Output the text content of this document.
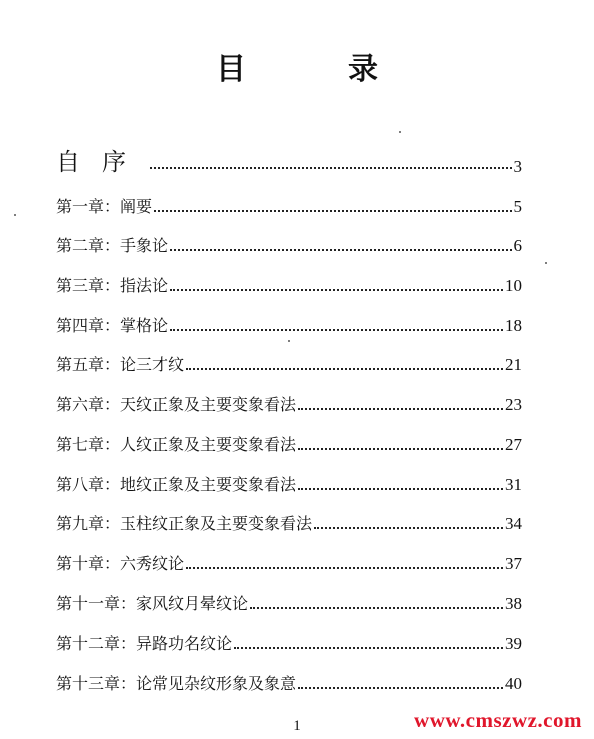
目　录
自序	3
第一章：阐要	5
第二章：手象论	6
第三章：指法论	10
第四章：掌格论	18
第五章：论三才纹	21
第六章：天纹正象及主要变象看法	23
第七章：人纹正象及主要变象看法	27
第八章：地纹正象及主要变象看法	31
第九章：玉柱纹正象及主要变象看法	34
第十章：六秀纹论	37
第十一章：家风纹月晕纹论	38
第十二章：异路功名纹论	39
第十三章：论常见杂纹形象及象意	40
1	www.cmszwz.com
